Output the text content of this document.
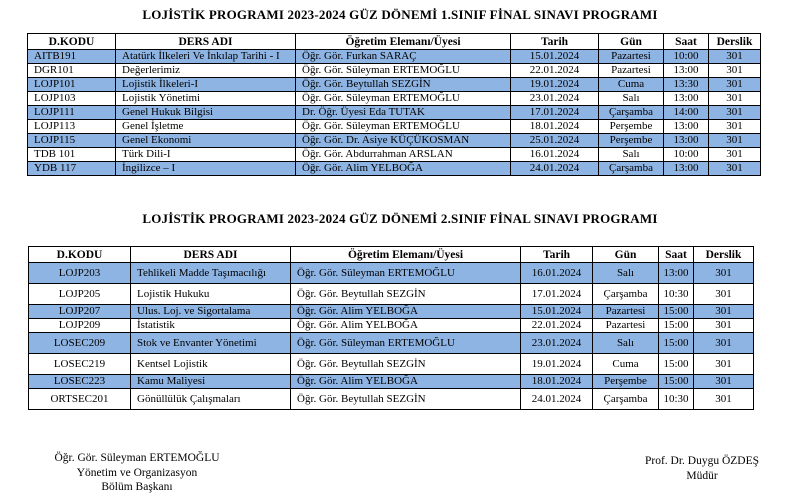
LOJİSTİK PROGRAMI 2023-2024 GÜZ DÖNEMİ 1.SINIF FİNAL SINAVI PROGRAMI
D.KODU	DERS ADI	Öğretim Elemanı/Üyesi	Tarih	Gün	Saat	Derslik
AITB191	Atatürk İlkeleri Ve İnkılap Tarihi - I	Öğr. Gör. Furkan SARAÇ	15.01.2024	Pazartesi	10:00	301
DGR101	Değerlerimiz	Öğr. Gör. Süleyman ERTEMOĞLU	22.01.2024	Pazartesi	13:00	301
LOJP101	Lojistik İlkeleri-I	Öğr. Gör. Beytullah SEZGİN	19.01.2024	Cuma	13:30	301
LOJP103	Lojistik Yönetimi	Öğr. Gör. Süleyman ERTEMOĞLU	23.01.2024	Salı	13:00	301
LOJP111	Genel Hukuk Bilgisi	Dr. Öğr. Üyesi Eda TUTAK	17.01.2024	Çarşamba	14:00	301
LOJP113	Genel İşletme	Öğr. Gör. Süleyman ERTEMOĞLU	18.01.2024	Perşembe	13:00	301
LOJP115	Genel Ekonomi	Öğr. Gör. Dr. Asiye KÜÇÜKOSMAN	25.01.2024	Perşembe	13:00	301
TDB 101	Türk Dili-I	Öğr. Gör. Abdurrahman ARSLAN	16.01.2024	Salı	10:00	301
YDB 117	İngilizce – I	Öğr. Gör. Alim YELBOĞA	24.01.2024	Çarşamba	13:00	301
LOJİSTİK PROGRAMI 2023-2024 GÜZ DÖNEMİ 2.SINIF FİNAL SINAVI PROGRAMI
D.KODU	DERS ADI	Öğretim Elemanı/Üyesi	Tarih	Gün	Saat	Derslik
LOJP203	Tehlikeli Madde Taşımacılığı	Öğr. Gör. Süleyman ERTEMOĞLU	16.01.2024	Salı	13:00	301
LOJP205	Lojistik Hukuku	Öğr. Gör. Beytullah SEZGİN	17.01.2024	Çarşamba	10:30	301
LOJP207	Ulus. Loj. ve Sigortalama	Öğr. Gör. Alim YELBOĞA	15.01.2024	Pazartesi	15:00	301
LOJP209	İstatistik	Öğr. Gör. Alim YELBOĞA	22.01.2024	Pazartesi	15:00	301
LOSEC209	Stok ve Envanter Yönetimi	Öğr. Gör. Süleyman ERTEMOĞLU	23.01.2024	Salı	15:00	301
LOSEC219	Kentsel Lojistik	Öğr. Gör. Beytullah SEZGİN	19.01.2024	Cuma	15:00	301
LOSEC223	Kamu Maliyesi	Öğr. Gör. Alim YELBOĞA	18.01.2024	Perşembe	15:00	301
ORTSEC201	Gönüllülük Çalışmaları	Öğr. Gör. Beytullah SEZGİN	24.01.2024	Çarşamba	10:30	301
Öğr. Gör. Süleyman ERTEMOĞLU
Yönetim ve Organizasyon
Bölüm Başkanı
Prof. Dr. Duygu ÖZDEŞ
Müdür
